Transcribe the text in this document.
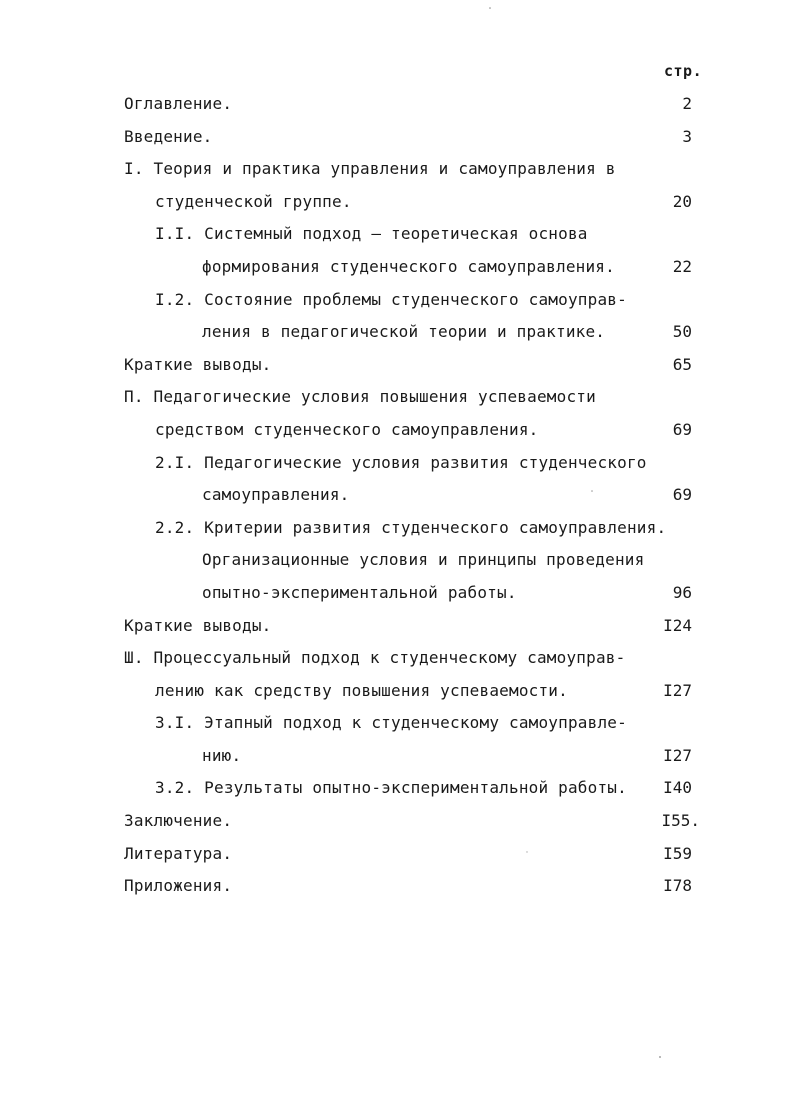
стр.
Оглавление.	2
Введение.	3
I. Теория и практика управления и самоуправления в
студенческой группе.	20
I.I. Системный подход – теоретическая основа
формирования студенческого самоуправления.	22
I.2. Состояние проблемы студенческого самоуправ-
ления в педагогической теории и практике.	50
Краткие выводы.	65
П. Педагогические условия повышения успеваемости
средством студенческого самоуправления.	69
2.I. Педагогические условия развития студенческого
самоуправления.	69
2.2. Критерии развития студенческого самоуправления.
Организационные условия и принципы проведения
опытно-экспериментальной работы.	96
Краткие выводы.	I24
Ш. Процессуальный подход к студенческому самоуправ-
лению как средству повышения успеваемости.	I27
3.I. Этапный подход к студенческому самоуправле-
нию.	I27
3.2. Результаты опытно-экспериментальной работы. I40
Заключение.	I55.
Литература.	I59
Приложения.	I78
